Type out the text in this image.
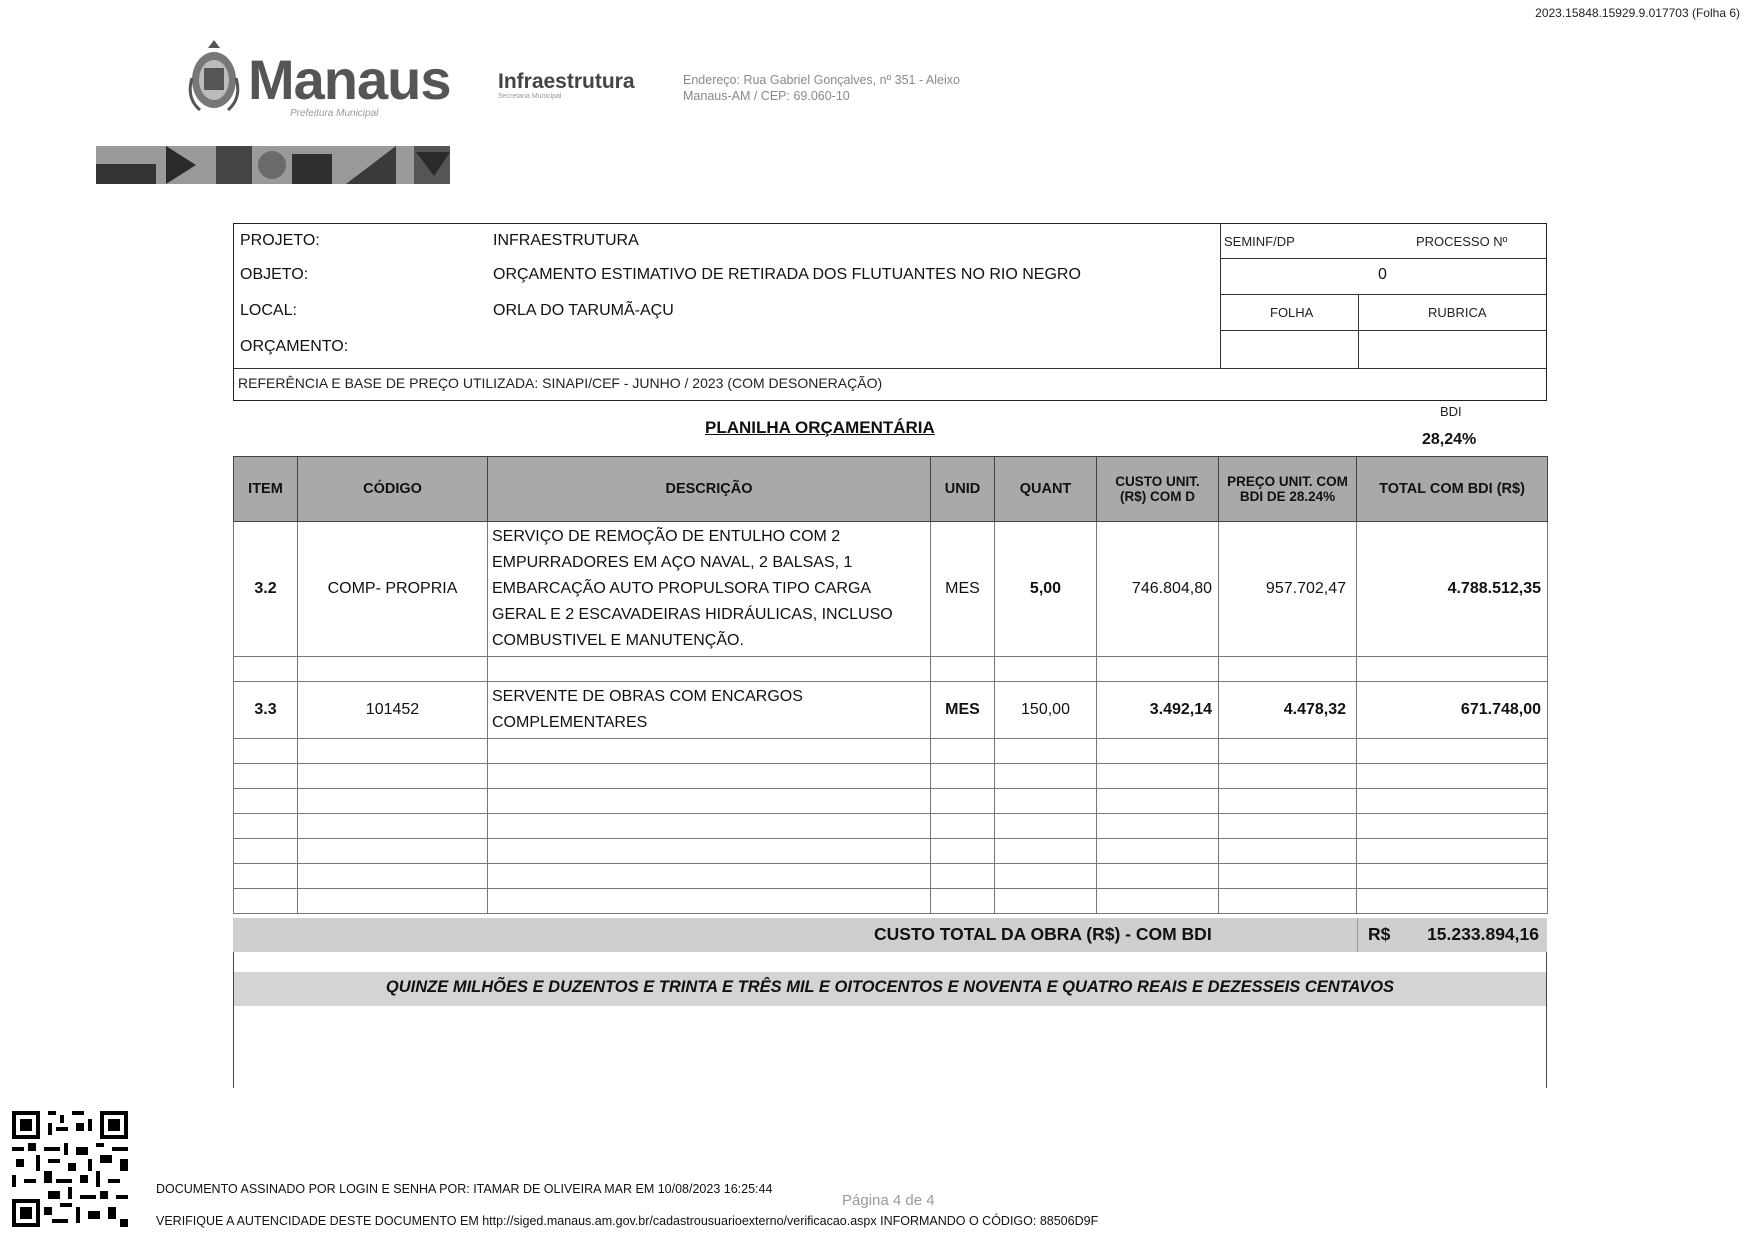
2023.15848.15929.9.017703 (Folha 6)
Manaus
Prefeitura Municipal
Infraestrutura
Secretaria Municipal
Endereço: Rua Gabriel Gonçalves, nº 351 - Aleixo
Manaus-AM / CEP: 69.060-10
PROJETO:	INFRAESTRUTURA
OBJETO:	ORÇAMENTO ESTIMATIVO DE RETIRADA DOS FLUTUANTES NO RIO NEGRO
LOCAL:	ORLA DO TARUMÃ-AÇU
ORÇAMENTO:
REFERÊNCIA E BASE DE PREÇO UTILIZADA: SINAPI/CEF - JUNHO / 2023 (COM DESONERAÇÃO)
SEMINF/DP	PROCESSO Nº
0
FOLHA	RUBRICA
PLANILHA ORÇAMENTÁRIA
BDI
28,24%
ITEM	CÓDIGO	DESCRIÇÃO	UNID	QUANT	CUSTO UNIT. (R$) COM D	PREÇO UNIT. COM BDI DE 28.24%	TOTAL COM BDI (R$)
3.2	COMP- PROPRIA	SERVIÇO DE REMOÇÃO DE ENTULHO COM 2 EMPURRADORES EM AÇO NAVAL, 2 BALSAS, 1 EMBARCAÇÃO AUTO PROPULSORA TIPO CARGA GERAL E 2 ESCAVADEIRAS HIDRÁULICAS, INCLUSO COMBUSTIVEL E MANUTENÇÃO.	MES	5,00	746.804,80	957.702,47	4.788.512,35

3.3	101452	SERVENTE DE OBRAS COM ENCARGOS COMPLEMENTARES	MES	150,00	3.492,14	4.478,32	671.748,00

CUSTO TOTAL DA OBRA (R$) - COM BDI	R$ 15.233.894,16
QUINZE MILHÕES E DUZENTOS E TRINTA E TRÊS MIL E OITOCENTOS E NOVENTA E QUATRO REAIS E DEZESSEIS CENTAVOS
DOCUMENTO ASSINADO POR LOGIN E SENHA POR: ITAMAR DE OLIVEIRA MAR EM 10/08/2023 16:25:44
VERIFIQUE A AUTENCIDADE DESTE DOCUMENTO EM http://siged.manaus.am.gov.br/cadastrousuarioexterno/verificacao.aspx INFORMANDO O CÓDIGO: 88506D9F
Página 4 de 4
